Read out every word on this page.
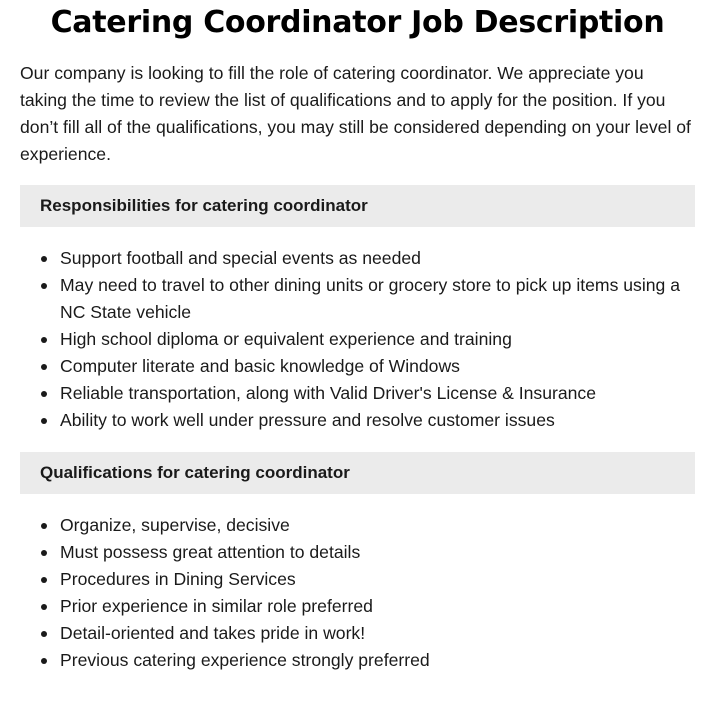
Catering Coordinator Job Description

Our company is looking to fill the role of catering coordinator. We appreciate you taking the time to review the list of qualifications and to apply for the position. If you don’t fill all of the qualifications, you may still be considered depending on your level of experience.

Responsibilities for catering coordinator
Support football and special events as needed
May need to travel to other dining units or grocery store to pick up items using a NC State vehicle
High school diploma or equivalent experience and training
Computer literate and basic knowledge of Windows
Reliable transportation, along with Valid Driver's License & Insurance
Ability to work well under pressure and resolve customer issues
Qualifications for catering coordinator
Organize, supervise, decisive
Must possess great attention to details
Procedures in Dining Services
Prior experience in similar role preferred
Detail-oriented and takes pride in work!
Previous catering experience strongly preferred
